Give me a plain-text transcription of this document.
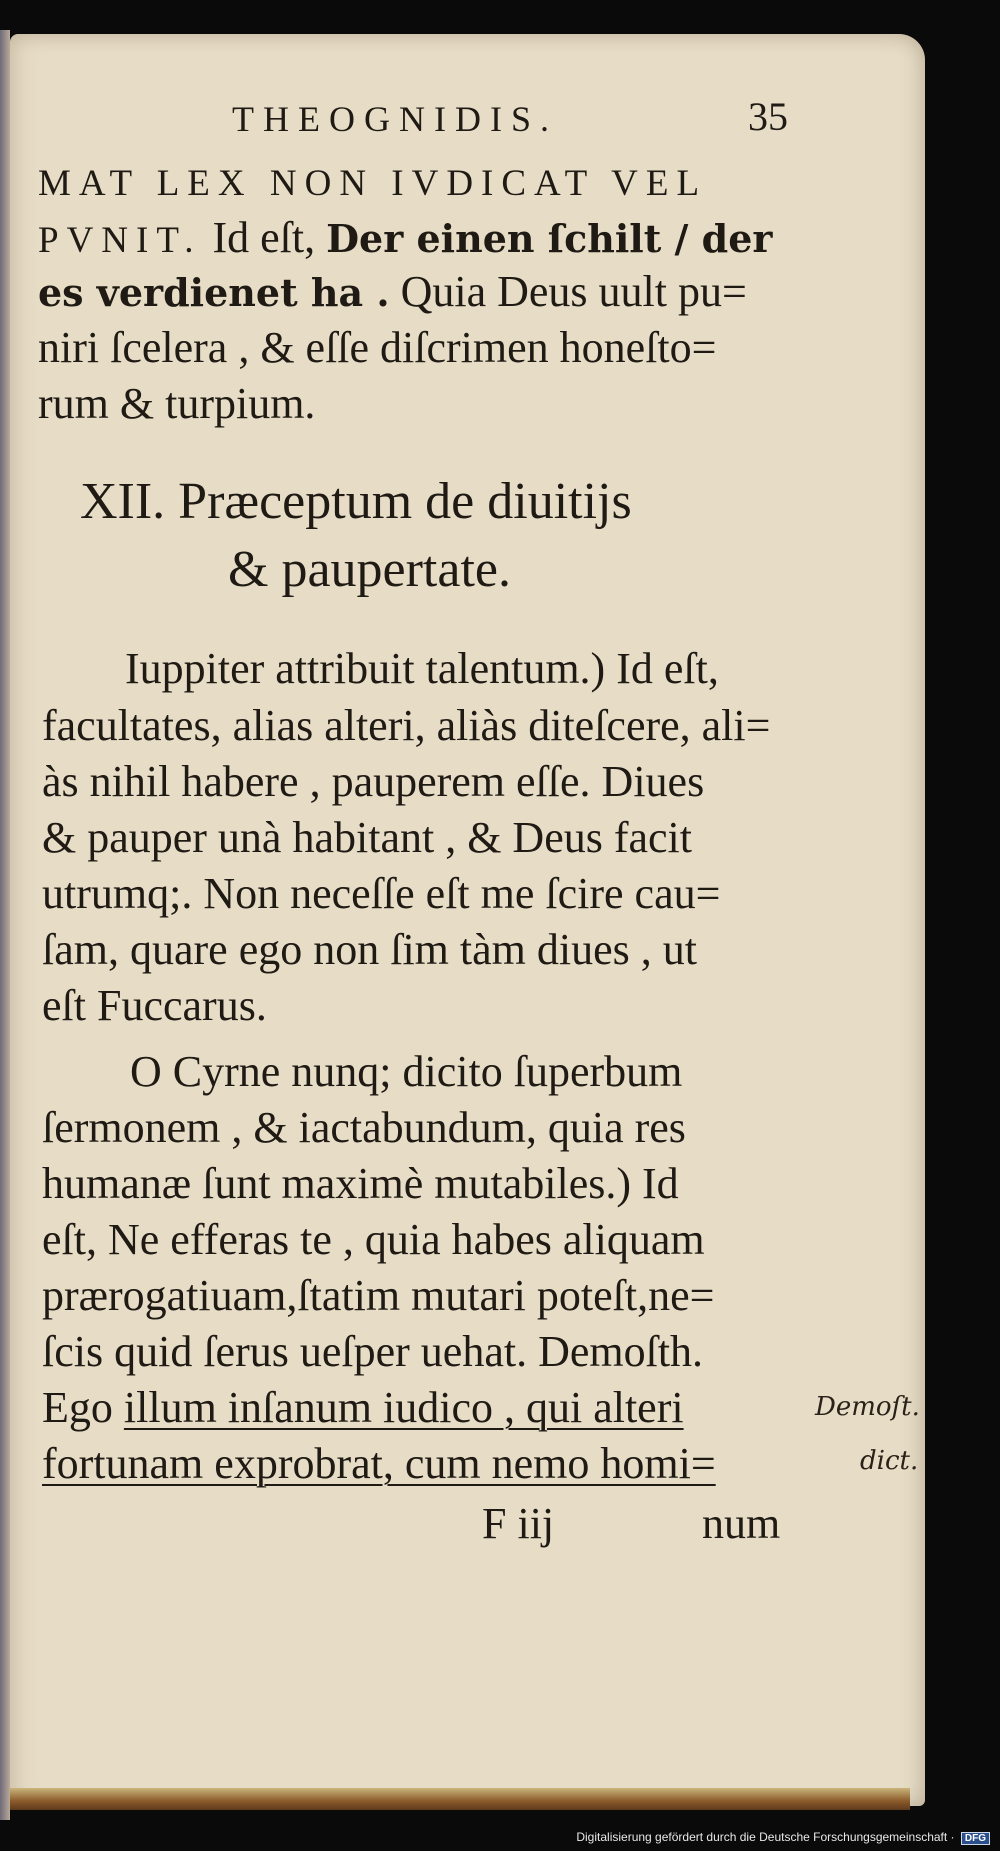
THEOGNIDIS.	35
MAT LEX NON IVDICAT VEL
PVNIT. Id eſt, Der einen ſchilt / der
es verdienet ha . Quia Deus uult pu=
niri ſcelera , & eſſe diſcrimen honeſto=
rum & turpium.
XII. Præceptum de diuitijs
& paupertate.
Iuppiter attribuit talentum.) Id eſt,
facultates, alias alteri, aliàs diteſcere, ali=
às nihil habere , pauperem eſſe. Diues
& pauper unà habitant , & Deus facit
utrumq;. Non neceſſe eſt me ſcire cau=
ſam, quare ego non ſim tàm diues , ut
eſt Fuccarus.
O Cyrne nunq; dicito ſuperbum
ſermonem , & iactabundum, quia res
humanæ ſunt maximè mutabiles.) Id
eſt, Ne efferas te , quia habes aliquam
prærogatiuam,ſtatim mutari poteſt,ne=
ſcis quid ſerus ueſper uehat. Demoſth.
Ego illum inſanum iudico , qui alteri
fortunam exprobrat, cum nemo homi=
F iij	num
Demoſt.
dict.
Digitalisierung gefördert durch die Deutsche Forschungsgemeinschaft · DFG
